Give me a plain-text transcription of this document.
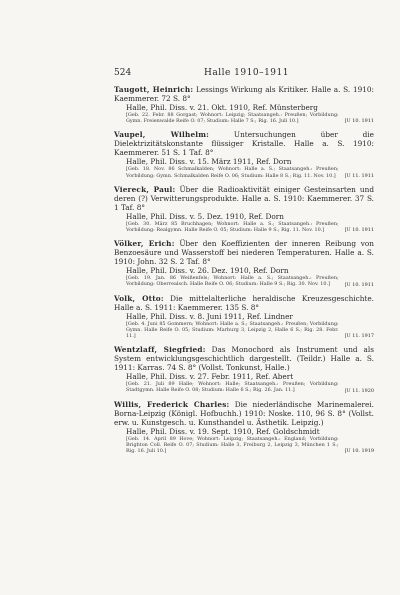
524	Halle 1910–1911
Taugott, Heinrich: Lessings Wirkung als Kritiker. Halle a. S. 1910: Kaemmerer. 72 S. 8°
Halle, Phil. Diss. v. 21. Okt. 1910, Ref. Münsterberg
[Geb. 22. Febr. 88 Gorgast; Wohnort: Leipzig; Staatsangeh.: Preußen; Vorbildung: Gymn. Freienwalde Reife O. 07; Studium: Halle 7 S.; Rig. 16. Juli 10.]	[U 10. 1911
Vaupel, Wilhelm:	Untersuchungen über die Dielektrizitätskonstante flüssiger Kristalle. Halle a. S. 1910: Kaemmerer. 51 S. 1 Taf. 8°
Halle, Phil. Diss. v. 15. März 1911, Ref. Dorn
[Geb. 18. Nov. 86 Schmalkalden; Wohnort: Halle a. S.; Staatsangeh.: Preußen; Vorbildung: Gymn. Schmalkalden Reife O. 06; Studium: Halle 8 S.; Rig. 11. Nov. 10.]	[U 11. 1911
Viereck, Paul: Über die Radioaktivität einiger Gesteinsarten und deren (?) Verwitterungsprodukte. Halle a. S. 1910: Kaemmerer. 37 S. 1 Taf. 8°
Halle, Phil. Diss. v. 5. Dez. 1910, Ref. Dorn
[Geb. 30. März 85 Bruchhagen; Wohnort: Halle a. S.; Staatsangeh.: Preußen; Vorbildung: Realgymn. Halle Reife O. 05; Studium: Halle 9 S.; Rig. 11. Nov. 10.]	[U 10. 1911
Völker, Erich: Über den Koeffizienten der inneren Reibung von Benzoesäure und Wasserstoff bei niederen Temperaturen. Halle a. S. 1910: John. 32 S. 2 Taf. 8°
Halle, Phil. Diss. v. 26. Dez. 1910, Ref. Dorn
[Geb. 19. Jan. 86 Weißenfels; Wohnort: Halle a. S.; Staatsangeh.: Preußen; Vorbildung: Oberrealsch. Halle Reife O. 06; Studium: Halle 9 S.; Rig. 30. Nov. 10.]	[U 10. 1911
Volk, Otto: Die mittelalterliche heraldische Kreuzesgeschichte. Halle a. S. 1911: Kaemmerer. 135 S. 8°
Halle, Phil. Diss. v. 8. Juni 1911, Ref. Lindner
[Geb. 4. Juni 85 Gommern; Wohnort: Halle a. S.; Staatsangeh.: Preußen; Vorbildung: Gymn. Halle Reife O. 05; Studium: Marburg 3, Leipzig 2, Halle 6 S.; Rig. 28. Febr. 11.]	[U 11. 1917
Wentzlaff, Siegfried: Das Monochord als Instrument und als System entwicklungsgeschichtlich dargestellt. (Teildr.) Halle a. S. 1911: Karras. 74 S. 8° (Vollst. Tonkunst, Halle.)
Halle, Phil. Diss. v. 27. Febr. 1911, Ref. Abert
[Geb. 21. Juli 89 Halle; Wohnort: Halle; Staatsangeh.: Preußen; Vorbildung: Stadtgymn. Halle Reife O. 08; Studium: Halle 6 S.; Rig. 26. Jan. 11.]	[U 11. 1920
Willis, Frederick Charles: Die niederländische Marinemalerei. Borna-Leipzig (Königl. Hofbuchh.) 1910: Noske. 110, 96 S. 8° (Vollst. erw. u. Kunstgesch. u. Kunsthandel u. Ästhetik. Leipzig.)
Halle, Phil. Diss. v. 19. Sept. 1910, Ref. Goldschmidt
[Geb. 14. April 89 Hove; Wohnort: Leipzig; Staatsangeh.: England; Vorbildung: Brighton Coll. Reife O. 07; Studium: Halle 3, Freiburg 2, Leipzig 3, München 1 S.; Rig. 16. Juli 10.]	[U 10. 1919
